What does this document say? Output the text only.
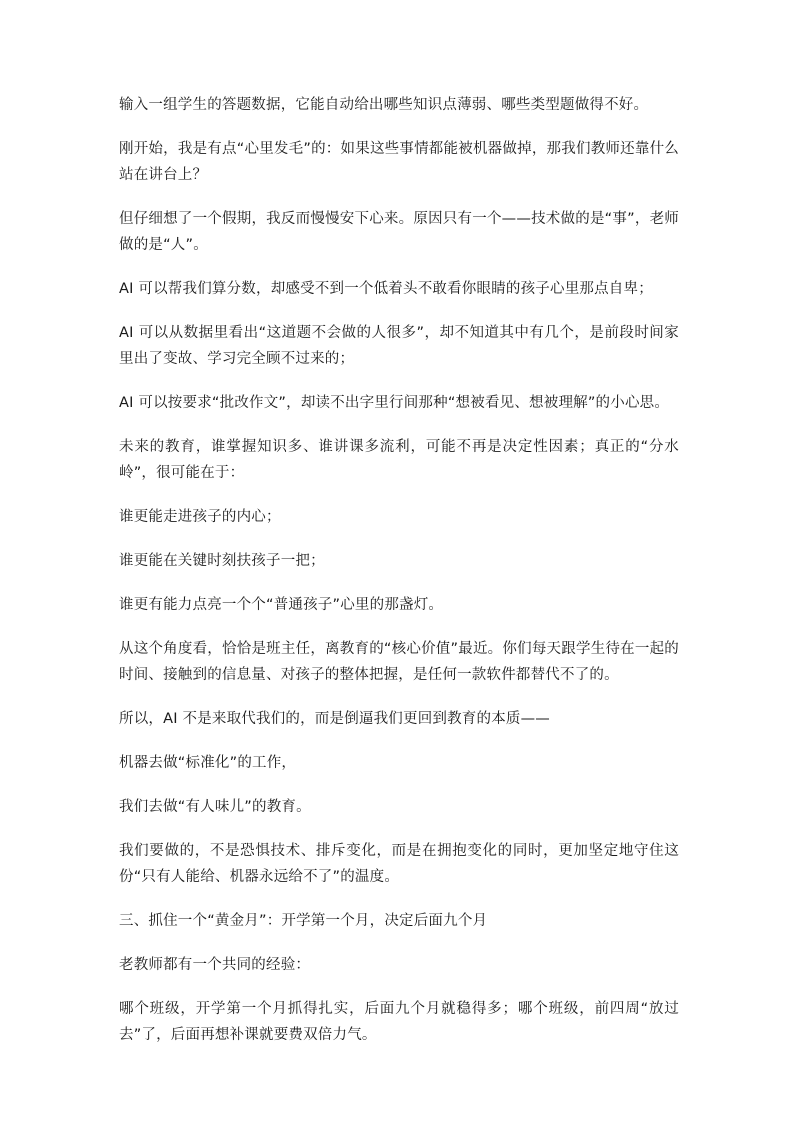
输入一组学生的答题数据，它能自动给出哪些知识点薄弱、哪些类型题做得不好。

刚开始，我是有点“心里发毛”的：如果这些事情都能被机器做掉，那我们教师还靠什么站在讲台上？

但仔细想了一个假期，我反而慢慢安下心来。原因只有一个——技术做的是“事”，老师做的是“人”。

AI 可以帮我们算分数，却感受不到一个低着头不敢看你眼睛的孩子心里那点自卑；

AI 可以从数据里看出“这道题不会做的人很多”，却不知道其中有几个，是前段时间家里出了变故、学习完全顾不过来的；

AI 可以按要求“批改作文”，却读不出字里行间那种“想被看见、想被理解”的小心思。

未来的教育，谁掌握知识多、谁讲课多流利，可能不再是决定性因素；真正的“分水岭”，很可能在于：

谁更能走进孩子的内心；

谁更能在关键时刻扶孩子一把；

谁更有能力点亮一个个“普通孩子”心里的那盏灯。

从这个角度看，恰恰是班主任，离教育的“核心价值”最近。你们每天跟学生待在一起的时间、接触到的信息量、对孩子的整体把握，是任何一款软件都替代不了的。

所以，AI 不是来取代我们的，而是倒逼我们更回到教育的本质——

机器去做“标准化”的工作，

我们去做“有人味儿”的教育。

我们要做的，不是恐惧技术、排斥变化，而是在拥抱变化的同时，更加坚定地守住这份“只有人能给、机器永远给不了”的温度。

三、抓住一个“黄金月”：开学第一个月，决定后面九个月

老教师都有一个共同的经验：

哪个班级，开学第一个月抓得扎实，后面九个月就稳得多；哪个班级，前四周“放过去”了，后面再想补课就要费双倍力气。
